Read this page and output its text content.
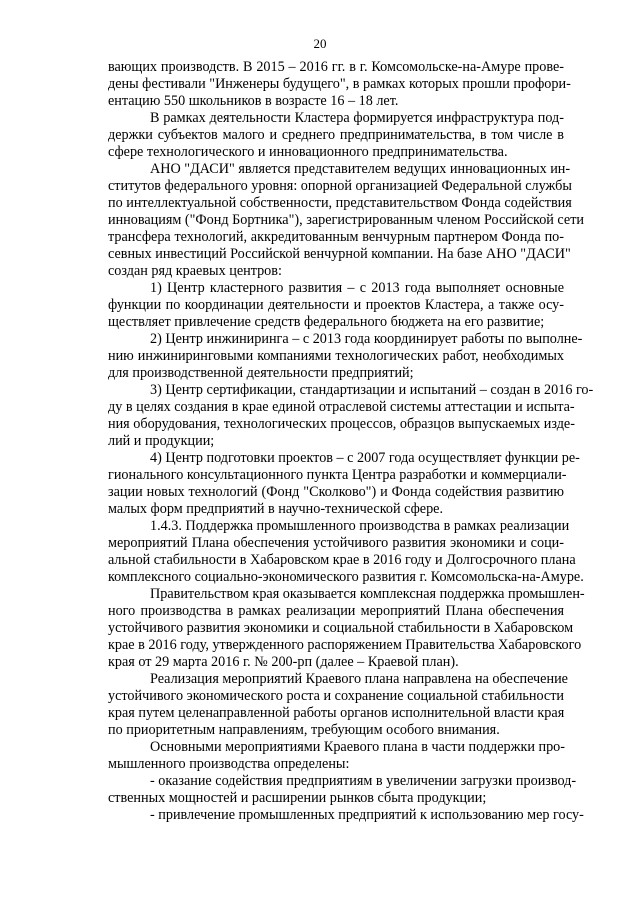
20
вающих производств. В 2015 – 2016 гг. в г. Комсомольске-на-Амуре прове-
дены фестивали "Инженеры будущего", в рамках которых прошли профори-
ентацию 550 школьников в возрасте 16 – 18 лет.
В рамках деятельности Кластера формируется инфраструктура под-
держки субъектов малого и среднего предпринимательства, в том числе в
сфере технологического и инновационного предпринимательства.
АНО "ДАСИ" является представителем ведущих инновационных ин-
ститутов федерального уровня: опорной организацией Федеральной службы
по интеллектуальной собственности, представительством Фонда содействия
инновациям ("Фонд Бортника"), зарегистрированным членом Российской сети
трансфера технологий, аккредитованным венчурным партнером Фонда по-
севных инвестиций Российской венчурной компании. На базе АНО "ДАСИ"
создан ряд краевых центров:
1) Центр кластерного развития – с 2013 года выполняет основные
функции по координации деятельности и проектов Кластера, а также осу-
ществляет привлечение средств федерального бюджета на его развитие;
2) Центр инжиниринга – с 2013 года координирует работы по выполне-
нию инжиниринговыми компаниями технологических работ, необходимых
для производственной деятельности предприятий;
3) Центр сертификации, стандартизации и испытаний – создан в 2016 го-
ду в целях создания в крае единой отраслевой системы аттестации и испыта-
ния оборудования, технологических процессов, образцов выпускаемых изде-
лий и продукции;
4) Центр подготовки проектов – с 2007 года осуществляет функции ре-
гионального консультационного пункта Центра разработки и коммерциали-
зации новых технологий (Фонд "Сколково") и Фонда содействия развитию
малых форм предприятий в научно-технической сфере.
1.4.3. Поддержка промышленного производства в рамках реализации
мероприятий Плана обеспечения устойчивого развития экономики и соци-
альной стабильности в Хабаровском крае в 2016 году и Долгосрочного плана
комплексного социально-экономического развития г. Комсомольска-на-Амуре.
Правительством края оказывается комплексная поддержка промышлен-
ного производства в рамках реализации мероприятий Плана обеспечения
устойчивого развития экономики и социальной стабильности в Хабаровском
крае в 2016 году, утвержденного распоряжением Правительства Хабаровского
края от 29 марта 2016 г. № 200-рп (далее – Краевой план).
Реализация мероприятий Краевого плана направлена на обеспечение
устойчивого экономического роста и сохранение социальной стабильности
края путем целенаправленной работы органов исполнительной власти края
по приоритетным направлениям, требующим особого внимания.
Основными мероприятиями Краевого плана в части поддержки про-
мышленного производства определены:
- оказание содействия предприятиям в увеличении загрузки производ-
ственных мощностей и расширении рынков сбыта продукции;
- привлечение промышленных предприятий к использованию мер госу-
